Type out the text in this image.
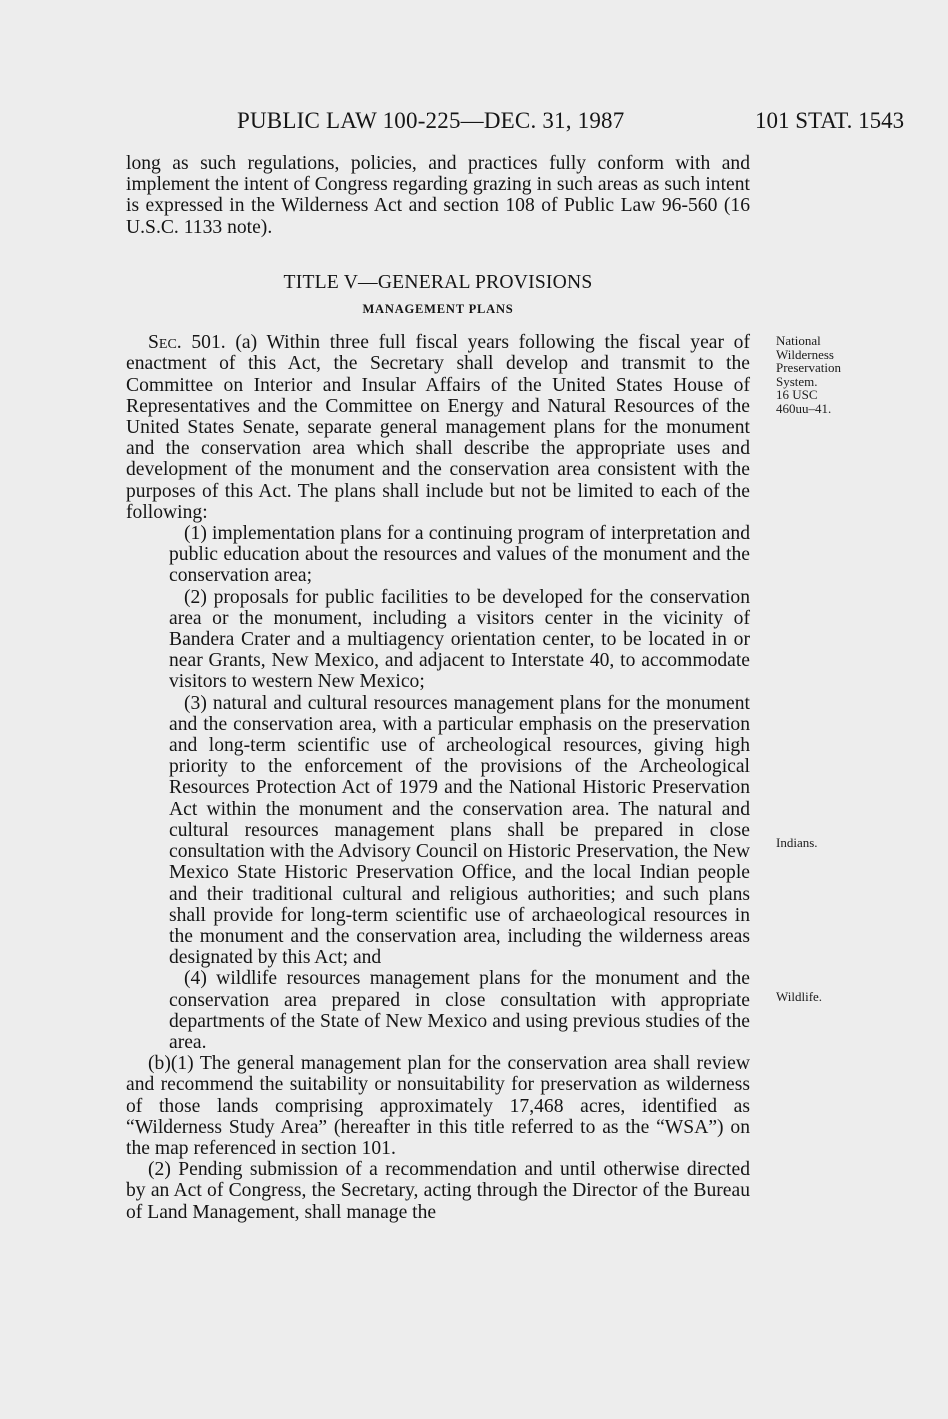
PUBLIC LAW 100-225—DEC. 31, 1987	101 STAT. 1543

long as such regulations, policies, and practices fully conform with and implement the intent of Congress regarding grazing in such areas as such intent is expressed in the Wilderness Act and section 108 of Public Law 96-560 (16 U.S.C. 1133 note).

TITLE V—GENERAL PROVISIONS
MANAGEMENT PLANS

Sec. 501. (a) Within three full fiscal years following the fiscal year of enactment of this Act, the Secretary shall develop and transmit to the Committee on Interior and Insular Affairs of the United States House of Representatives and the Committee on Energy and Natural Resources of the United States Senate, separate general management plans for the monument and the conservation area which shall describe the appropriate uses and development of the monument and the conservation area consistent with the purposes of this Act. The plans shall include but not be limited to each of the following:

(1) implementation plans for a continuing program of interpretation and public education about the resources and values of the monument and the conservation area;

(2) proposals for public facilities to be developed for the conservation area or the monument, including a visitors center in the vicinity of Bandera Crater and a multiagency orientation center, to be located in or near Grants, New Mexico, and adjacent to Interstate 40, to accommodate visitors to western New Mexico;

(3) natural and cultural resources management plans for the monument and the conservation area, with a particular emphasis on the preservation and long-term scientific use of archeological resources, giving high priority to the enforcement of the provisions of the Archeological Resources Protection Act of 1979 and the National Historic Preservation Act within the monument and the conservation area. The natural and cultural resources management plans shall be prepared in close consultation with the Advisory Council on Historic Preservation, the New Mexico State Historic Preservation Office, and the local Indian people and their traditional cultural and religious authorities; and such plans shall provide for long-term scientific use of archaeological resources in the monument and the conservation area, including the wilderness areas designated by this Act; and

(4) wildlife resources management plans for the monument and the conservation area prepared in close consultation with appropriate departments of the State of New Mexico and using previous studies of the area.

(b)(1) The general management plan for the conservation area shall review and recommend the suitability or nonsuitability for preservation as wilderness of those lands comprising approximately 17,468 acres, identified as “Wilderness Study Area” (hereafter in this title referred to as the “WSA”) on the map referenced in section 101.

(2) Pending submission of a recommendation and until otherwise directed by an Act of Congress, the Secretary, acting through the Director of the Bureau of Land Management, shall manage the

National
Wilderness
Preservation
System.
16 USC
460uu–41.
Indians.
Wildlife.
